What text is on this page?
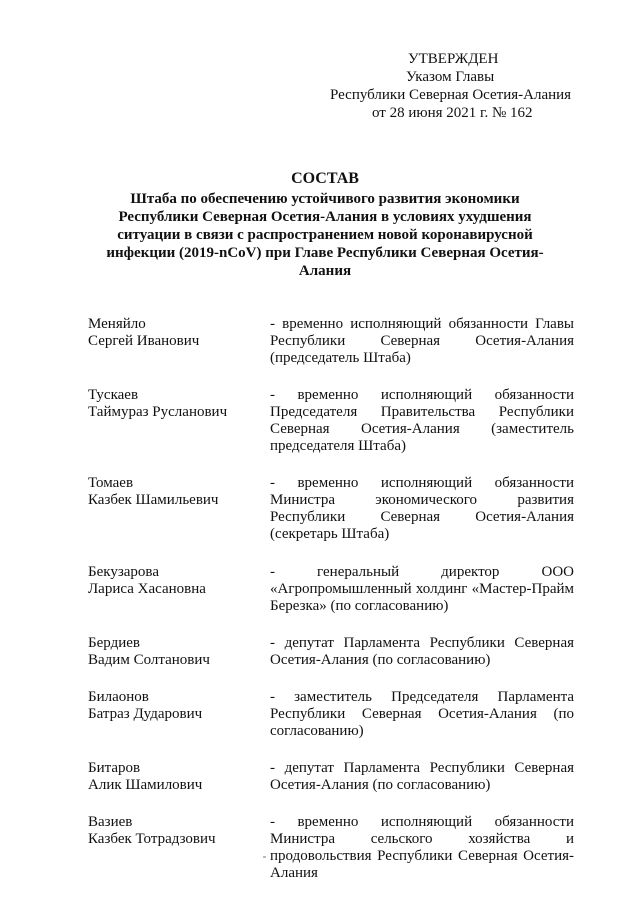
УТВЕРЖДЕН
Указом Главы
Республики Северная Осетия-Алания
от 28 июня 2021 г. № 162
СОСТАВ
Штаба по обеспечению устойчивого развития экономики Республики Северная Осетия-Алания в условиях ухудшения ситуации в связи с распространением новой коронавирусной инфекции (2019-nCoV) при Главе Республики Северная Осетия-Алания
Меняйло
Сергей Иванович
- временно исполняющий обязанности Главы Республики Северная Осетия-Алания (председатель Штаба)
Тускаев
Таймураз Русланович
- временно исполняющий обязанности Председателя Правительства Республики Северная Осетия-Алания (заместитель председателя Штаба)
Томаев
Казбек Шамильевич
- временно исполняющий обязанности Министра экономического развития Республики Северная Осетия-Алания (секретарь Штаба)
Бекузарова
Лариса Хасановна
- генеральный директор ООО «Агропромышленный холдинг «Мастер-Прайм Березка» (по согласованию)
Бердиев
Вадим Солтанович
- депутат Парламента Республики Северная Осетия-Алания (по согласованию)
Билаонов
Батраз Дударович
- заместитель Председателя Парламента Республики Северная Осетия-Алания (по согласованию)
Битаров
Алик Шамилович
- депутат Парламента Республики Северная Осетия-Алания (по согласованию)
Вазиев
Казбек Тотрадзович
- временно исполняющий обязанности Министра сельского хозяйства и продовольствия Республики Северная Осетия-Алания
